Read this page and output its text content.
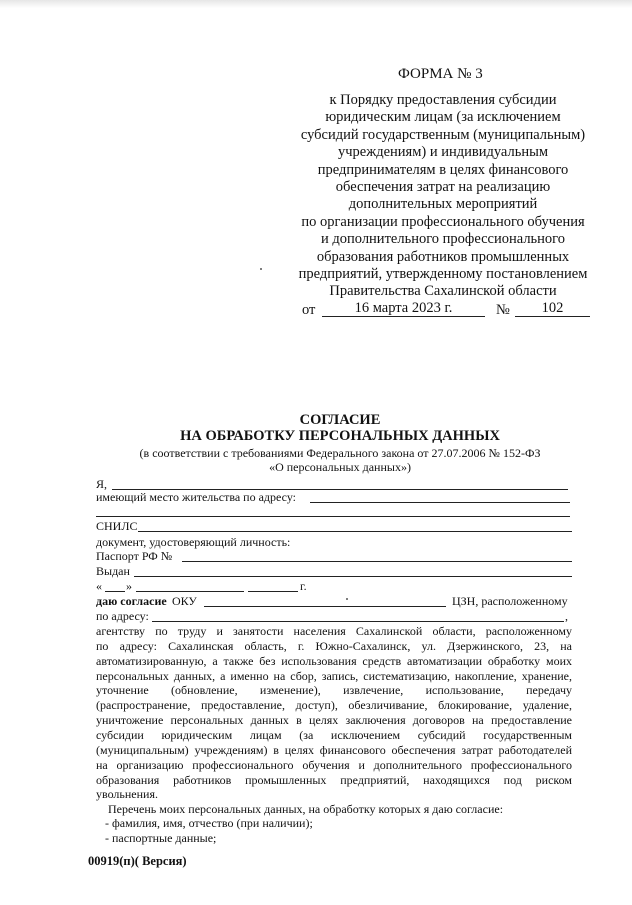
ФОРМА № 3
к Порядку предоставления субсидии
юридическим лицам (за исключением
субсидий государственным (муниципальным)
учреждениям) и индивидуальным
предпринимателям в целях финансового
обеспечения затрат на реализацию
дополнительных мероприятий
по организации профессионального обучения
и дополнительного профессионального
образования работников промышленных
предприятий, утвержденному постановлением
Правительства Сахалинской области
от	16 марта 2023 г.	№	102
СОГЛАСИЕ
НА ОБРАБОТКУ ПЕРСОНАЛЬНЫХ ДАННЫХ
(в соответствии с требованиями Федерального закона от 27.07.2006 № 152-ФЗ
«О персональных данных»)
Я,
имеющий место жительства по адресу:
СНИЛС
документ, удостоверяющий личность:
Паспорт РФ №
Выдан
« »	г.
даю согласие ОКУ	ЦЗН, расположенному
по адресу:	,
агентству по труду и занятости населения Сахалинской области, расположенному
по адресу: Сахалинская область, г. Южно-Сахалинск, ул. Дзержинского, 23, на
автоматизированную, а также без использования средств автоматизации обработку моих
персональных данных, а именно на сбор, запись, систематизацию, накопление, хранение,
уточнение (обновление, изменение), извлечение, использование, передачу
(распространение, предоставление, доступ), обезличивание, блокирование, удаление,
уничтожение персональных данных в целях заключения договоров на предоставление
субсидии юридическим лицам (за исключением субсидий государственным
(муниципальным) учреждениям) в целях финансового обеспечения затрат работодателей
на организацию профессионального обучения и дополнительного профессионального
образования работников промышленных предприятий, находящихся под риском
увольнения.
Перечень моих персональных данных, на обработку которых я даю согласие:
- фамилия, имя, отчество (при наличии);
- паспортные данные;
00919(п)( Версия)
